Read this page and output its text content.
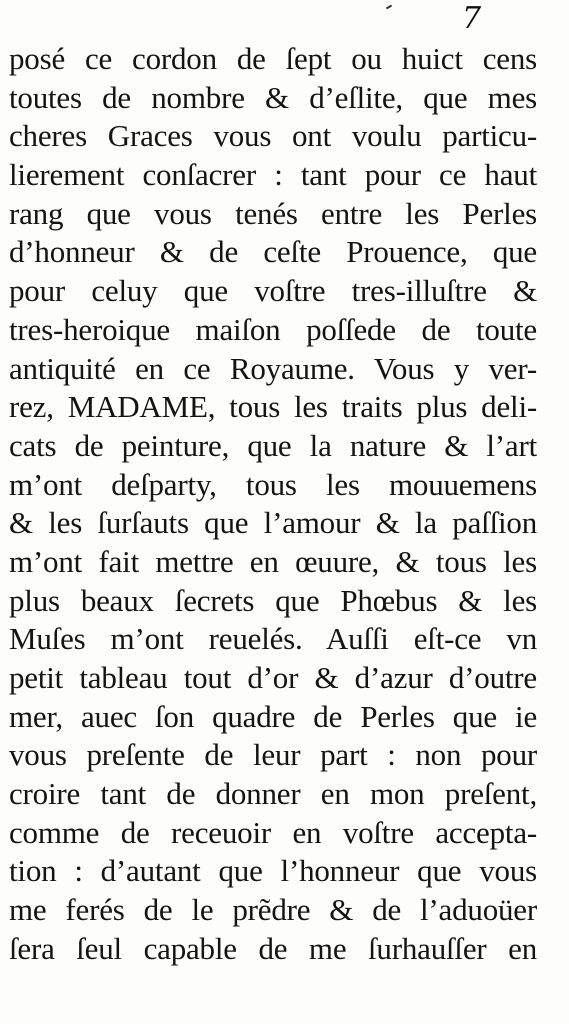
7
posé ce cordon de ſept ou huict cens
toutes de nombre & d’eſlite, que mes
cheres Graces vous ont voulu particu-
lierement conſacrer : tant pour ce haut
rang que vous tenés entre les Perles
d’honneur & de ceſte Prouence, que
pour celuy que voſtre tres-illuſtre &
tres-heroique maiſon poſſede de toute
antiquité en ce Royaume. Vous y ver-
rez, MADAME, tous les traits plus deli-
cats de peinture, que la nature & l’art
m’ont deſparty, tous les mouuemens
& les ſurſauts que l’amour & la paſſion
m’ont fait mettre en œuure, & tous les
plus beaux ſecrets que Phœbus & les
Muſes m’ont reuelés. Auſſi eſt-ce vn
petit tableau tout d’or & d’azur d’outre
mer, auec ſon quadre de Perles que ie
vous preſente de leur part : non pour
croire tant de donner en mon preſent,
comme de receuoir en voſtre accepta-
tion : d’autant que l’honneur que vous
me ferés de le prẽdre & de l’aduoüer
ſera ſeul capable de me ſurhauſſer en
